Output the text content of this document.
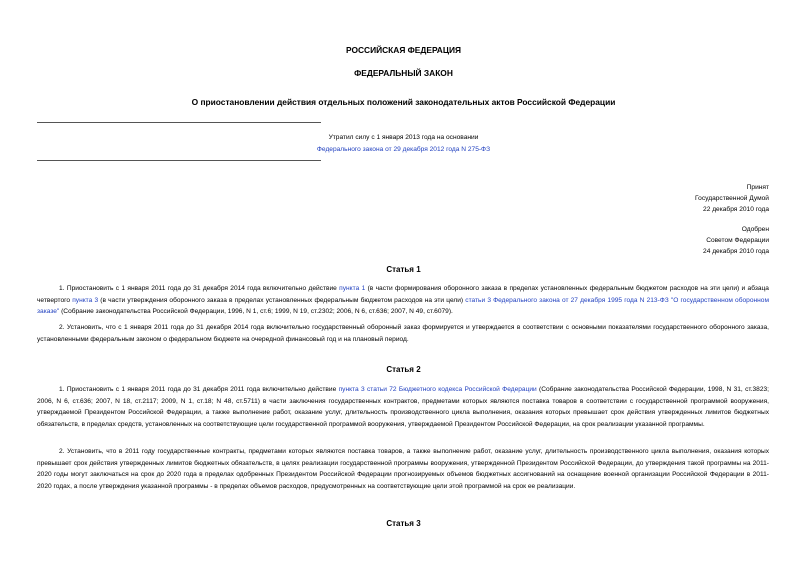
РОССИЙСКАЯ ФЕДЕРАЦИЯ
ФЕДЕРАЛЬНЫЙ ЗАКОН
О приостановлении действия отдельных положений законодательных актов Российской Федерации
Утратил силу с 1 января 2013 года на основании
Федерального закона от 29 декабря 2012 года N 275-ФЗ
Принят
Государственной Думой
22 декабря 2010 года
Одобрен
Советом Федерации
24 декабря 2010 года
Статья 1
1. Приостановить с 1 января 2011 года до 31 декабря 2014 года включительно действие пункта 1 (в части формирования оборонного заказа в пределах установленных федеральным бюджетом расходов на эти цели) и абзаца четвертого пункта 3 (в части утверждения оборонного заказа в пределах установленных федеральным бюджетом расходов на эти цели) статьи 3 Федерального закона от 27 декабря 1995 года N 213-ФЗ "О государственном оборонном заказе" (Собрание законодательства Российской Федерации, 1996, N 1, ст.6; 1999, N 19, ст.2302; 2006, N 6, ст.636; 2007, N 49, ст.6079).
2. Установить, что с 1 января 2011 года до 31 декабря 2014 года включительно государственный оборонный заказ формируется и утверждается в соответствии с основными показателями государственного оборонного заказа, установленными федеральным законом о федеральном бюджете на очередной финансовый год и на плановый период.
Статья 2
1. Приостановить с 1 января 2011 года до 31 декабря 2011 года включительно действие пункта 3 статьи 72 Бюджетного кодекса Российской Федерации (Собрание законодательства Российской Федерации, 1998, N 31, ст.3823; 2006, N 6, ст.636; 2007, N 18, ст.2117; 2009, N 1, ст.18; N 48, ст.5711) в части заключения государственных контрактов, предметами которых являются поставка товаров в соответствии с государственной программой вооружения, утверждаемой Президентом Российской Федерации, а также выполнение работ, оказание услуг, длительность производственного цикла выполнения, оказания которых превышает срок действия утвержденных лимитов бюджетных обязательств, в пределах средств, установленных на соответствующие цели государственной программой вооружения, утверждаемой Президентом Российской Федерации, на срок реализации указанной программы.
2. Установить, что в 2011 году государственные контракты, предметами которых являются поставка товаров, а также выполнение работ, оказание услуг, длительность производственного цикла выполнения, оказания которых превышает срок действия утвержденных лимитов бюджетных обязательств, в целях реализации государственной программы вооружения, утвержденной Президентом Российской Федерации, до утверждения такой программы на 2011-2020 годы могут заключаться на срок до 2020 года в пределах одобренных Президентом Российской Федерации прогнозируемых объемов бюджетных ассигнований на оснащение военной организации Российской Федерации в 2011-2020 годах, а после утверждения указанной программы - в пределах объемов расходов, предусмотренных на соответствующие цели этой программой на срок ее реализации.
Статья 3
